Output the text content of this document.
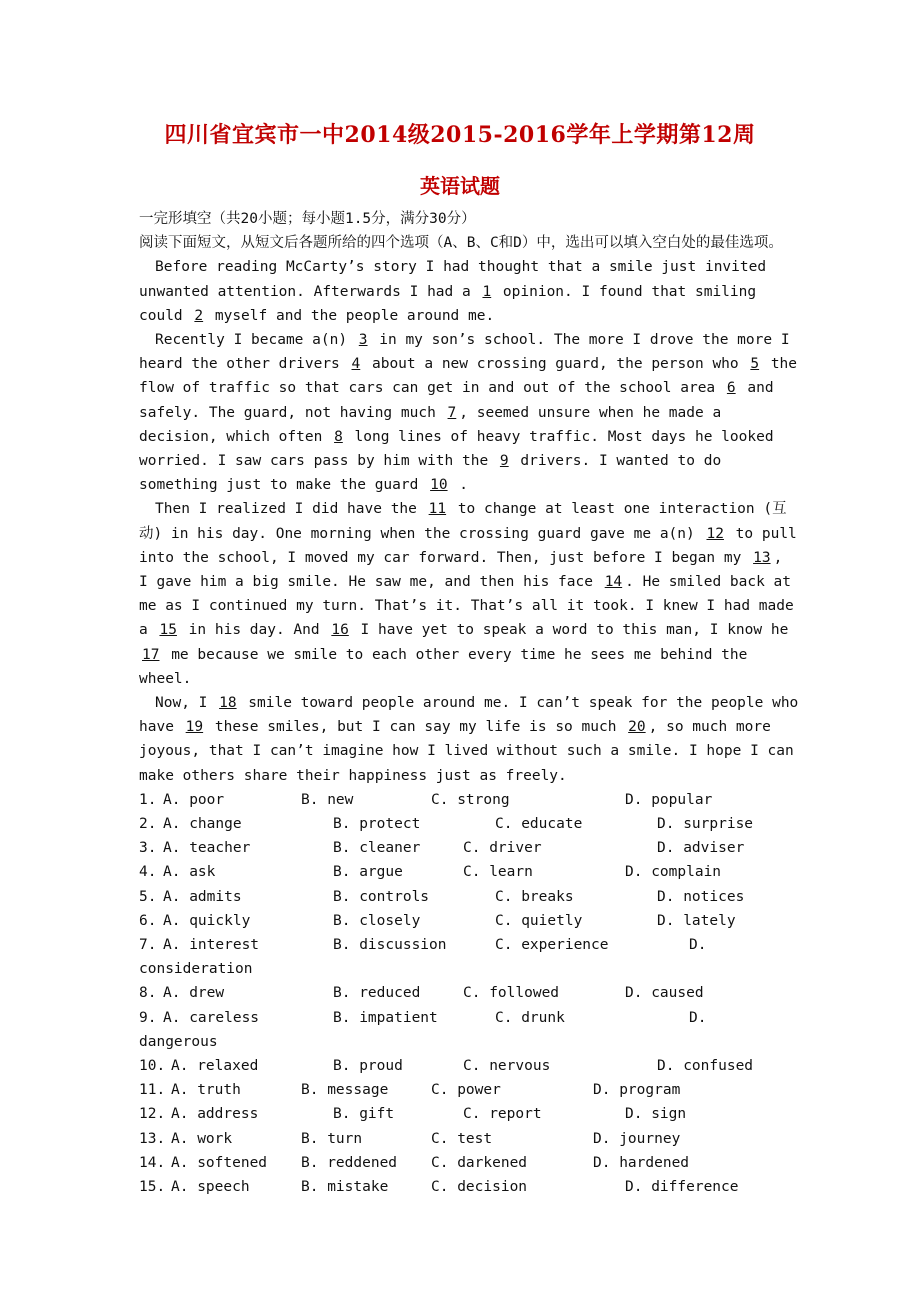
四川省宜宾市一中2014级2015-2016学年上学期第12周
英语试题

一完形填空（共20小题；每小题1.5分，满分30分）

阅读下面短文，从短文后各题所给的四个选项（A、B、C和D）中，选出可以填入空白处的最佳选项。

Before reading McCarty’s story I had thought that a smile just invited unwanted attention. Afterwards I had a 1 opinion. I found that smiling could 2 myself and the people around me.

Recently I became a(n) 3 in my son’s school. The more I drove the more I heard the other drivers 4 about a new crossing guard, the person who 5 the flow of traffic so that cars can get in and out of the school area 6 and safely. The guard, not having much 7 , seemed unsure when he made a decision, which often 8 long lines of heavy traffic. Most days he looked worried. I saw cars pass by him with the 9 drivers. I wanted to do something just to make the guard 10 .

Then I realized I did have the 11 to change at least one interaction (互动) in his day. One morning when the crossing guard gave me a(n) 12 to pull into the school, I moved my car forward. Then, just before I began my 13 , I gave him a big smile. He saw me, and then his face 14 . He smiled back at me as I continued my turn. That’s it. That’s all it took. I knew I had made a 15 in his day. And 16 I have yet to speak a word to this man, I know he 17 me because we smile to each other every time he sees me behind the wheel.

Now, I 18 smile toward people around me. I can’t speak for the people who have 19 these smiles, but I can say my life is so much 20 , so much more joyous, that I can’t imagine how I lived without such a smile. I hope I can make others share their happiness just as freely.

1. A. poor	B. new	C. strong	D. popular
2. A. change	B. protect	C. educate	D. surprise
3. A. teacher	B. cleaner	C. driver	D. adviser
4. A. ask	B. argue	C. learn	D. complain
5. A. admits	B. controls	C. breaks	D. notices
6. A. quickly	B. closely	C. quietly	D. lately
7. A. interest	B. discussion	C. experience	D.
consideration
8. A. drew	B. reduced	C. followed	D. caused
9. A. careless	B. impatient	C. drunk	D.
dangerous
10. A. relaxed	B. proud	C. nervous	D. confused
11. A. truth	B. message	C. power	D. program
12. A. address	B. gift	C. report	D. sign
13. A. work	B. turn	C. test	D. journey
14. A. softened B. reddened C. darkened	D. hardened
15. A. speech	B. mistake	C. decision	D. difference
